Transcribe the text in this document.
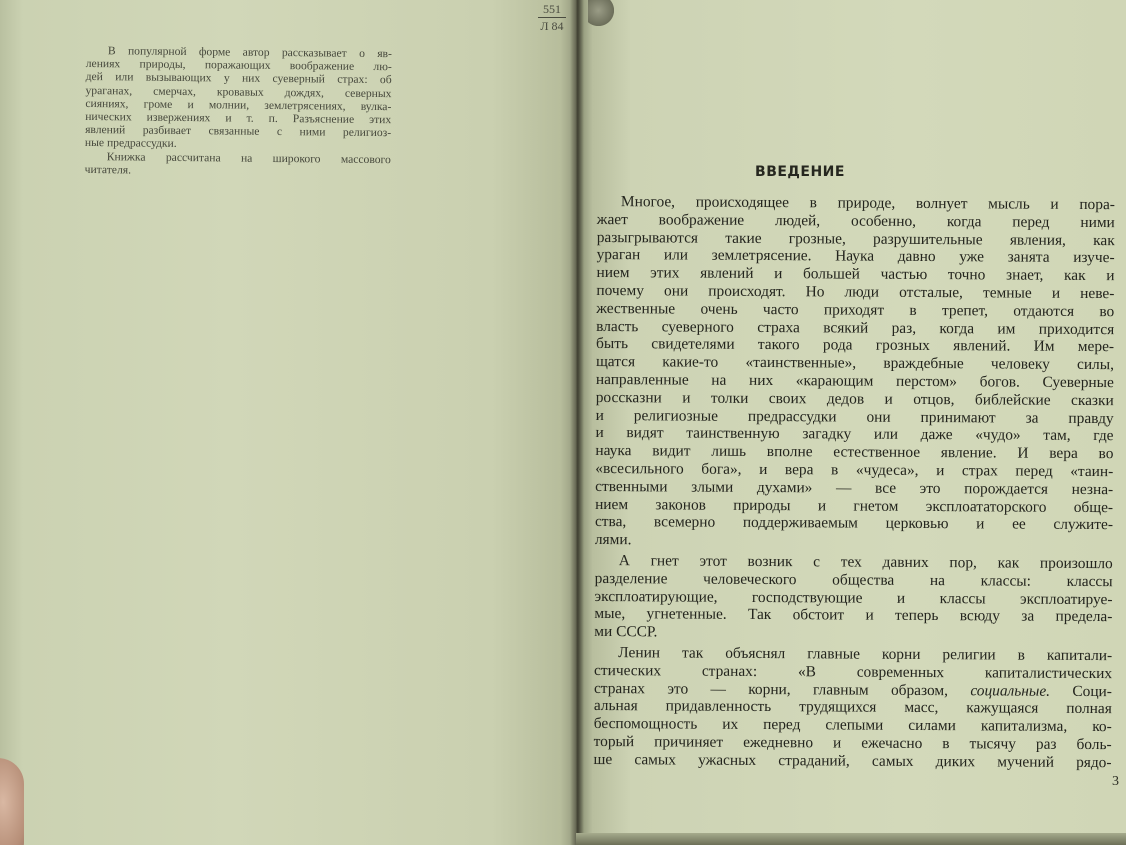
551
Л 84
В популярной форме автор рассказывает о яв-
лениях природы, поражающих воображение лю-
дей или вызывающих у них суеверный страх: об
ураганах, смерчах, кровавых дождях, северных
сияниях, громе и молнии, землетрясениях, вулка-
нических извержениях и т. п. Разъяснение этих
явлений разбивает связанные с ними религиоз-
ные предрассудки.
Книжка рассчитана на широкого массового
читателя.	ВВЕДЕНИЕ
Многое, происходящее в природе, волнует мысль и пора-
жает воображение людей, особенно, когда перед ними
разыгрываются такие грозные, разрушительные явления, как
ураган или землетрясение. Наука давно уже занята изуче-
нием этих явлений и большей частью точно знает, как и
почему они происходят. Но люди отсталые, темные и неве-
жественные очень часто приходят в трепет, отдаются во
власть суеверного страха всякий раз, когда им приходится
быть свидетелями такого рода грозных явлений. Им мере-
щатся какие-то «таинственные», враждебные человеку силы,
направленные на них «карающим перстом» богов. Суеверные
россказни и толки своих дедов и отцов, библейские сказки
и религиозные предрассудки они принимают за правду
и видят таинственную загадку или даже «чудо» там, где
наука видит лишь вполне естественное явление. И вера во
«всесильного бога», и вера в «чудеса», и страх перед «таин-
ственными злыми духами» — все это порождается незна-
нием законов природы и гнетом эксплоататорского обще-
ства, всемерно поддерживаемым церковью и ее служите-
лями.
А гнет этот возник с тех давних пор, как произошло
разделение человеческого общества на классы: классы
эксплоатирующие, господствующие и классы эксплоатируе-
мые, угнетенные. Так обстоит и теперь всюду за предела-
ми СССР.
Ленин так объяснял главные корни религии в капитали-
стических странах: «В современных капиталистических
странах это — корни, главным образом, социальные. Соци-
альная придавленность трудящихся масс, кажущаяся полная
беспомощность их перед слепыми силами капитализма, ко-
торый причиняет ежедневно и ежечасно в тысячу раз боль-
ше самых ужасных страданий, самых диких мучений рядо-
3
